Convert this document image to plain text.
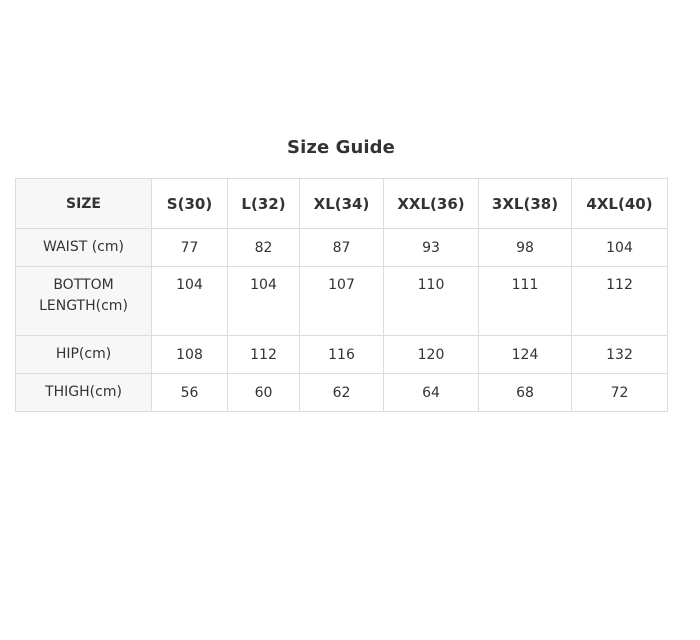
Size Guide
SIZE	S(30)	L(32)	XL(34)	XXL(36)	3XL(38)	4XL(40)
WAIST (cm)	77	82	87	93	98	104
BOTTOM
LENGTH(cm)	104	104	107	110	111	112
HIP(cm)	108	112	116	120	124	132
THIGH(cm)	56	60	62	64	68	72
